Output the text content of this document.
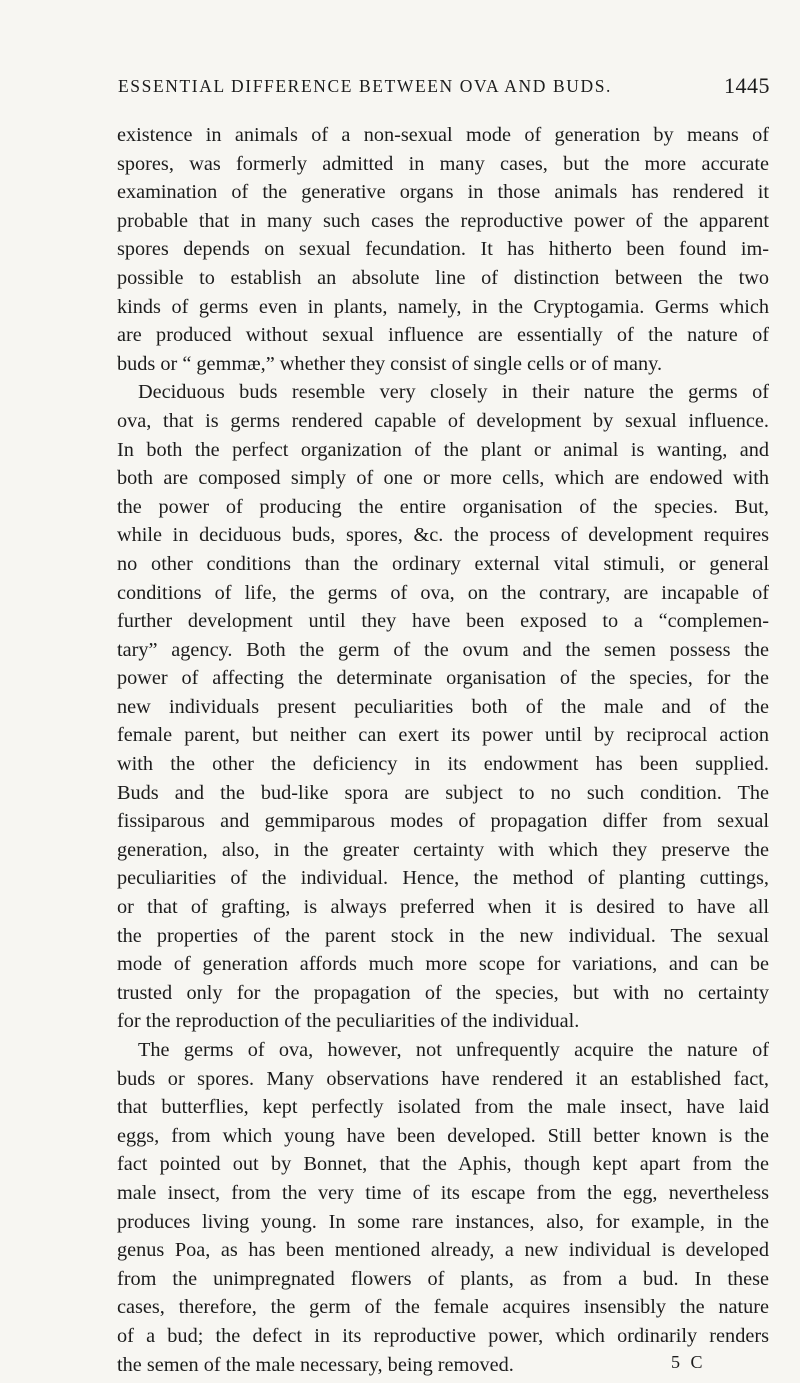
ESSENTIAL DIFFERENCE BETWEEN OVA AND BUDS.	1445
existence in animals of a non-sexual mode of generation by means of
spores, was formerly admitted in many cases, but the more accurate
examination of the generative organs in those animals has rendered it
probable that in many such cases the reproductive power of the apparent
spores depends on sexual fecundation. It has hitherto been found im-
possible to establish an absolute line of distinction between the two
kinds of germs even in plants, namely, in the Cryptogamia. Germs which
are produced without sexual influence are essentially of the nature of
buds or “ gemmæ,” whether they consist of single cells or of many.
Deciduous buds resemble very closely in their nature the germs of
ova, that is germs rendered capable of development by sexual influence.
In both the perfect organization of the plant or animal is wanting, and
both are composed simply of one or more cells, which are endowed with
the power of producing the entire organisation of the species. But,
while in deciduous buds, spores, &c. the process of development requires
no other conditions than the ordinary external vital stimuli, or general
conditions of life, the germs of ova, on the contrary, are incapable of
further development until they have been exposed to a “complemen-
tary” agency. Both the germ of the ovum and the semen possess the
power of affecting the determinate organisation of the species, for the
new individuals present peculiarities both of the male and of the
female parent, but neither can exert its power until by reciprocal action
with the other the deficiency in its endowment has been supplied.
Buds and the bud-like spora are subject to no such condition. The
fissiparous and gemmiparous modes of propagation differ from sexual
generation, also, in the greater certainty with which they preserve the
peculiarities of the individual. Hence, the method of planting cuttings,
or that of grafting, is always preferred when it is desired to have all
the properties of the parent stock in the new individual. The sexual
mode of generation affords much more scope for variations, and can be
trusted only for the propagation of the species, but with no certainty
for the reproduction of the peculiarities of the individual.
The germs of ova, however, not unfrequently acquire the nature of
buds or spores. Many observations have rendered it an established fact,
that butterflies, kept perfectly isolated from the male insect, have laid
eggs, from which young have been developed. Still better known is the
fact pointed out by Bonnet, that the Aphis, though kept apart from the
male insect, from the very time of its escape from the egg, nevertheless
produces living young. In some rare instances, also, for example, in the
genus Poa, as has been mentioned already, a new individual is developed
from the unimpregnated flowers of plants, as from a bud. In these
cases, therefore, the germ of the female acquires insensibly the nature
of a bud; the defect in its reproductive power, which ordinarily renders
the semen of the male necessary, being removed.	5 C
